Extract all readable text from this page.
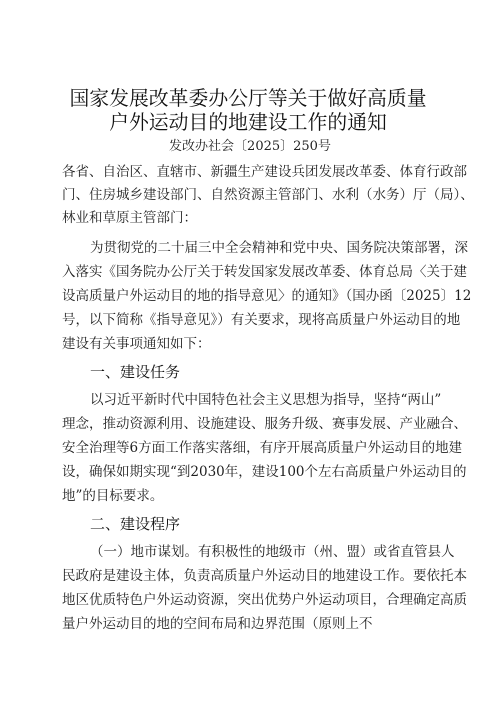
国家发展改革委办公厅等关于做好高质量
户外运动目的地建设工作的通知
发改办社会〔2025〕250号
各省、自治区、直辖市、新疆生产建设兵团发展改革委、体育行政部
门、住房城乡建设部门、自然资源主管部门、水利（水务）厅（局）、
林业和草原主管部门：
为贯彻党的二十届三中全会精神和党中央、国务院决策部署，深
入落实《国务院办公厅关于转发国家发展改革委、体育总局〈关于建
设高质量户外运动目的地的指导意见〉的通知》（国办函〔2025〕12
号，以下简称《指导意见》）有关要求，现将高质量户外运动目的地
建设有关事项通知如下：
一、建设任务
以习近平新时代中国特色社会主义思想为指导，坚持“两山”
理念，推动资源利用、设施建设、服务升级、赛事发展、产业融合、
安全治理等6方面工作落实落细，有序开展高质量户外运动目的地建
设，确保如期实现“到2030年，建设100个左右高质量户外运动目的
地”的目标要求。
二、建设程序
（一）地市谋划。有积极性的地级市（州、盟）或省直管县人
民政府是建设主体，负责高质量户外运动目的地建设工作。要依托本
地区优质特色户外运动资源，突出优势户外运动项目，合理确定高质
量户外运动目的地的空间布局和边界范围（原则上不
